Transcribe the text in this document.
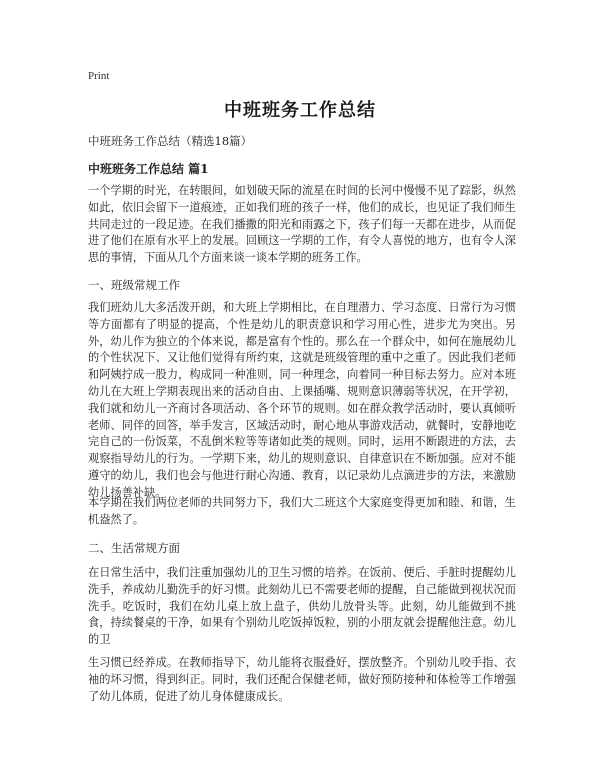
Print
中班班务工作总结

中班班务工作总结（精选18篇）

中班班务工作总结 篇1

一个学期的时光，在转眼间，如划破天际的流星在时间的长河中慢慢不见了踪影，纵然如此，依旧会留下一道痕迹，正如我们班的孩子一样，他们的成长，也见证了我们师生共同走过的一段足迹。在我们播撒的阳光和雨露之下，孩子们每一天都在进步，从而促进了他们在原有水平上的发展。回顾这一学期的工作，有令人喜悦的地方，也有令人深思的事情，下面从几个方面来谈一谈本学期的班务工作。

一、班级常规工作

我们班幼儿大多活泼开朗，和大班上学期相比，在自理潜力、学习态度、日常行为习惯等方面都有了明显的提高，个性是幼儿的职责意识和学习用心性，进步尤为突出。另外，幼儿作为独立的个体来说，都是富有个性的。那么在一个群众中，如何在施展幼儿的个性状况下、又让他们觉得有所约束，这就是班级管理的重中之重了。因此我们老师和阿姨拧成一股力，构成同一种准则，同一种理念，向着同一种目标去努力。应对本班幼儿在大班上学期表现出来的活动自由、上课插嘴、规则意识薄弱等状况，在开学初，我们就和幼儿一齐商讨各项活动、各个环节的规则。如在群众教学活动时，要认真倾听老师、同伴的回答，举手发言，区域活动时，耐心地从事游戏活动，就餐时，安静地吃完自己的一份饭菜，不乱倒米粒等等诸如此类的规则。同时，运用不断跟进的方法，去观察指导幼儿的行为。一学期下来，幼儿的规则意识、自律意识在不断加强。应对不能遵守的幼儿，我们也会与他进行耐心沟通、教育，以记录幼儿点滴进步的方法，来激励幼儿扬善补缺。

本学期在我们两位老师的共同努力下，我们大二班这个大家庭变得更加和睦、和谐，生机盎然了。

二、生活常规方面

在日常生活中，我们注重加强幼儿的卫生习惯的培养。在饭前、便后、手脏时提醒幼儿洗手，养成幼儿勤洗手的好习惯。此刻幼儿已不需要老师的提醒，自己能做到视状况而洗手。吃饭时，我们在幼儿桌上放上盘子，供幼儿放骨头等。此刻，幼儿能做到不挑食，持续餐桌的干净，如果有个别幼儿吃饭掉饭粒，别的小朋友就会提醒他注意。幼儿的卫

生习惯已经养成。在教师指导下，幼儿能将衣服叠好，摆放整齐。个别幼儿咬手指、衣袖的坏习惯，得到纠正。同时，我们还配合保健老师，做好预防接种和体检等工作增强了幼儿体质，促进了幼儿身体健康成长。
